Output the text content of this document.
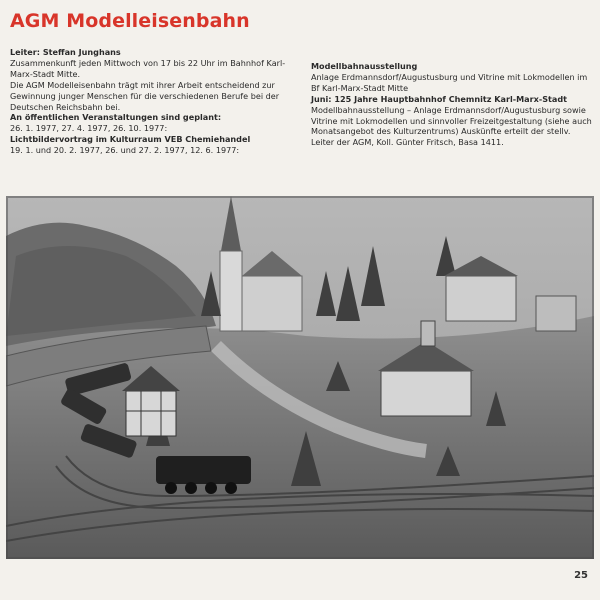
AGM Modelleisenbahn

Leiter: Steffan Junghans

Zusammenkunft jeden Mittwoch von 17 bis 22 Uhr im Bahnhof Karl-Marx-Stadt Mitte.

Die AGM Modelleisenbahn trägt mit ihrer Arbeit entscheidend zur Gewinnung junger Menschen für die verschiedenen Berufe bei der Deutschen Reichsbahn bei.

An öffentlichen Veranstaltungen sind geplant:

26. 1. 1977, 27. 4. 1977, 26. 10. 1977:

Lichtbildervortrag im Kulturraum VEB Chemiehandel

19. 1. und 20. 2. 1977, 26. und 27. 2. 1977, 12. 6. 1977:

Modellbahnausstellung

Anlage Erdmannsdorf/Augustusburg und Vitrine mit Lokmodellen im Bf Karl-Marx-Stadt Mitte

Juni: 125 Jahre Hauptbahnhof Chemnitz Karl-Marx-Stadt

Modellbahnausstellung – Anlage Erdmannsdorf/Augustusburg sowie Vitrine mit Lokmodellen und sinnvoller Freizeitgestaltung (siehe auch Monatsangebot des Kulturzentrums) Auskünfte erteilt der stellv. Leiter der AGM, Koll. Günter Fritsch, Basa 1411.

25
